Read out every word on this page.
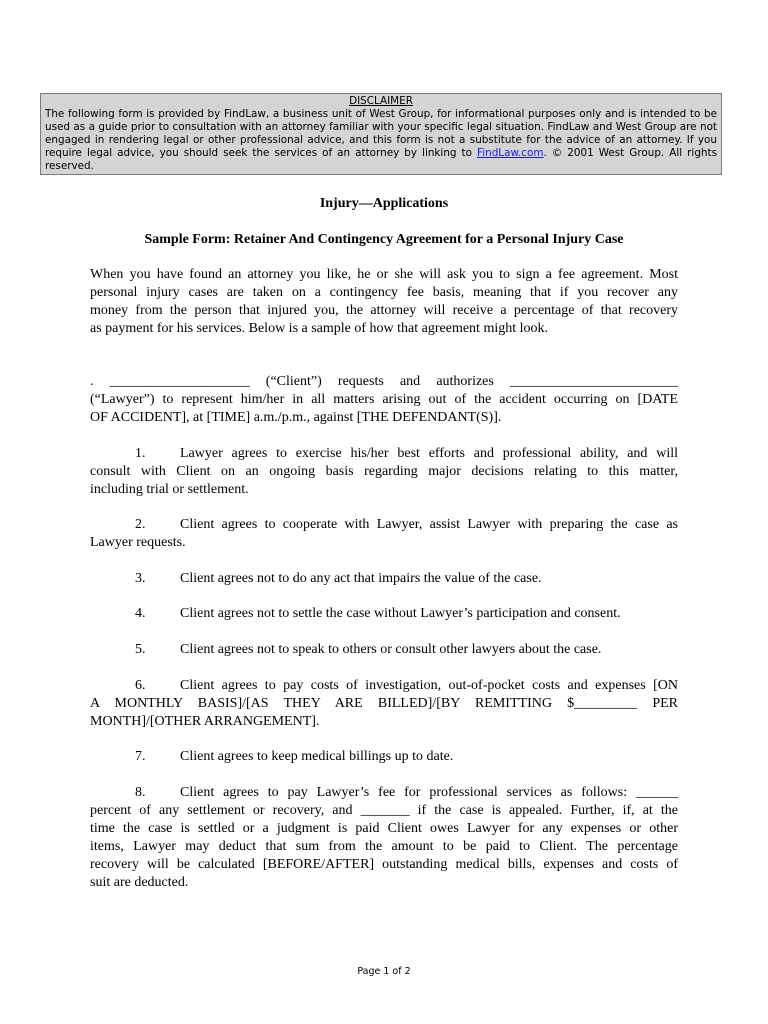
DISCLAIMER
The following form is provided by FindLaw, a business unit of West Group, for informational purposes only and is intended to be used as a guide prior to consultation with an attorney familiar with your specific legal situation. FindLaw and West Group are not engaged in rendering legal or other professional advice, and this form is not a substitute for the advice of an attorney. If you require legal advice, you should seek the services of an attorney by linking to FindLaw.com. © 2001 West Group. All rights reserved.
Injury—Applications
Sample Form: Retainer And Contingency Agreement for a Personal Injury Case
When you have found an attorney you like, he or she will ask you to sign a fee agreement. Most
personal injury cases are taken on a contingency fee basis, meaning that if you recover any
money from the person that injured you, the attorney will receive a percentage of that recovery
as payment for his services. Below is a sample of how that agreement might look.
. ____________________ (“Client”) requests and authorizes ________________________
(“Lawyer”) to represent him/her in all matters arising out of the accident occurring on [DATE
OF ACCIDENT], at [TIME] a.m./p.m., against [THE DEFENDANT(S)].
1. Lawyer agrees to exercise his/her best efforts and professional ability, and will
consult with Client on an ongoing basis regarding major decisions relating to this matter,
including trial or settlement.
2. Client agrees to cooperate with Lawyer, assist Lawyer with preparing the case as
Lawyer requests.
3. Client agrees not to do any act that impairs the value of the case.
4. Client agrees not to settle the case without Lawyer’s participation and consent.
5. Client agrees not to speak to others or consult other lawyers about the case.
6. Client agrees to pay costs of investigation, out-of-pocket costs and expenses [ON
A MONTHLY BASIS]/[AS THEY ARE BILLED]/[BY REMITTING $_________ PER
MONTH]/[OTHER ARRANGEMENT].
7. Client agrees to keep medical billings up to date.
8. Client agrees to pay Lawyer’s fee for professional services as follows: ______
percent of any settlement or recovery, and _______ if the case is appealed. Further, if, at the
time the case is settled or a judgment is paid Client owes Lawyer for any expenses or other
items, Lawyer may deduct that sum from the amount to be paid to Client. The percentage
recovery will be calculated [BEFORE/AFTER] outstanding medical bills, expenses and costs of
suit are deducted.
Page 1 of 2
